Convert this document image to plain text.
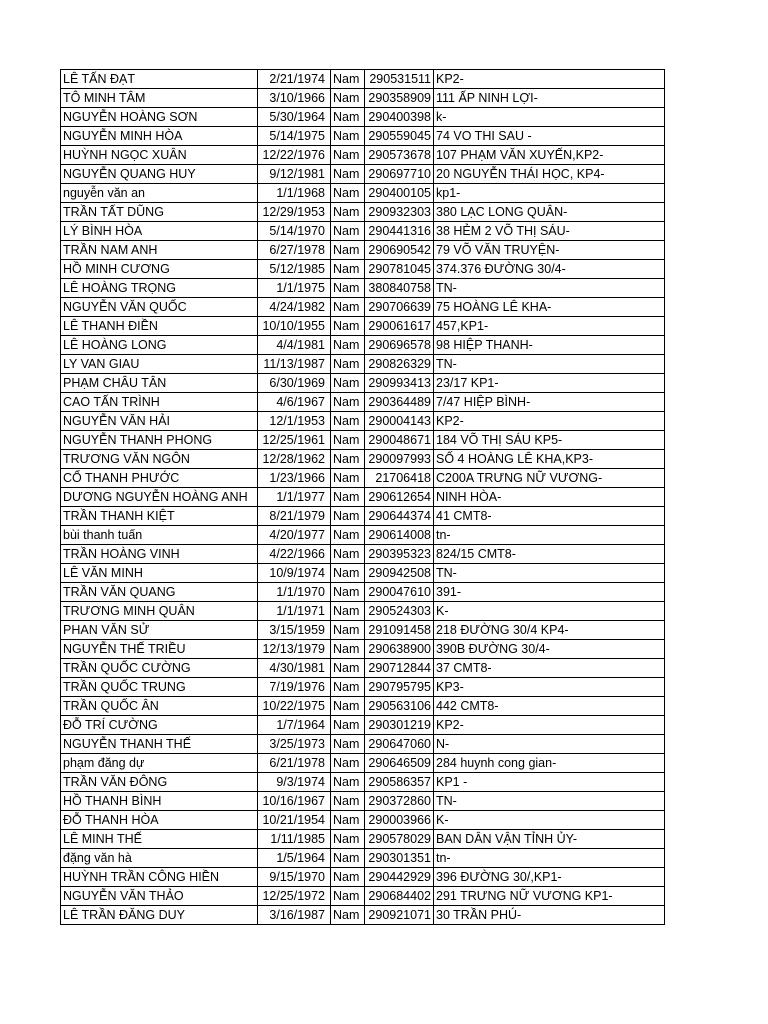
LÊ TẤN ĐẠT	2/21/1974	Nam	290531511	KP2-
TÔ MINH TÂM	3/10/1966	Nam	290358909	111 ẤP NINH LỢI-
NGUYỄN HOÀNG SƠN	5/30/1964	Nam	290400398	k-
NGUYỄN MINH HÒA	5/14/1975	Nam	290559045	74 VO THI SAU -
HUỲNH NGỌC XUÂN	12/22/1976	Nam	290573678	107 PHẠM VĂN XUYẾN,KP2-
NGUYỄN QUANG HUY	9/12/1981	Nam	290697710	20 NGUYỄN THÁI HỌC, KP4-
nguyễn văn an	1/1/1968	Nam	290400105	kp1-
TRẦN TẤT DŨNG	12/29/1953	Nam	290932303	380 LẠC LONG QUÂN-
LÝ BÌNH HÒA	5/14/1970	Nam	290441316	38 HẺM 2 VÕ THỊ SÁU-
TRẦN NAM ANH	6/27/1978	Nam	290690542	79 VÕ VĂN TRUYỆN-
HỒ MINH CƯƠNG	5/12/1985	Nam	290781045	374.376 ĐƯỜNG 30/4-
LÊ HOÀNG TRỌNG	1/1/1975	Nam	380840758	TN-
NGUYỄN VĂN QUỐC	4/24/1982	Nam	290706639	75 HOÀNG LÊ KHA-
LÊ THANH ĐIỀN	10/10/1955	Nam	290061617	457,KP1-
LÊ HOÀNG LONG	4/4/1981	Nam	290696578	98 HIỆP THANH-
LY VAN GIAU	11/13/1987	Nam	290826329	TN-
PHẠM CHÂU TÂN	6/30/1969	Nam	290993413	23/17 KP1-
CAO TẤN TRÌNH	4/6/1967	Nam	290364489	7/47 HIỆP BÌNH-
NGUYỄN VĂN HẢI	12/1/1953	Nam	290004143	KP2-
NGUYỄN THANH PHONG	12/25/1961	Nam	290048671	184 VÕ THỊ SÁU KP5-
TRƯƠNG VĂN NGÔN	12/28/1962	Nam	290097993	SỐ 4 HOÀNG LÊ KHA,KP3-
CỔ THANH PHƯỚC	1/23/1966	Nam	21706418	C200A TRƯNG NỮ VƯƠNG-
DƯƠNG NGUYỄN HOÀNG ANH	1/1/1977	Nam	290612654	NINH HÒA-
TRẦN THANH KIỆT	8/21/1979	Nam	290644374	41 CMT8-
bùi thanh tuấn	4/20/1977	Nam	290614008	tn-
TRẦN HOÀNG VINH	4/22/1966	Nam	290395323	824/15 CMT8-
LÊ VĂN MINH	10/9/1974	Nam	290942508	TN-
TRẦN VĂN QUANG	1/1/1970	Nam	290047610	391-
TRƯƠNG MINH QUÂN	1/1/1971	Nam	290524303	K-
PHAN VĂN SỬ	3/15/1959	Nam	291091458	218 ĐƯỜNG 30/4 KP4-
NGUYỄN THẾ TRIỀU	12/13/1979	Nam	290638900	390B ĐƯỜNG 30/4-
TRẦN QUỐC CƯỜNG	4/30/1981	Nam	290712844	37 CMT8-
TRẦN QUỐC TRUNG	7/19/1976	Nam	290795795	KP3-
TRẦN QUỐC ÂN	10/22/1975	Nam	290563106	442 CMT8-
ĐỖ TRÍ CƯỜNG	1/7/1964	Nam	290301219	KP2-
NGUYỄN THANH THẾ	3/25/1973	Nam	290647060	N-
phạm đăng dự	6/21/1978	Nam	290646509	284 huynh cong gian-
TRẦN VĂN ĐÔNG	9/3/1974	Nam	290586357	KP1 -
HỒ THANH BÌNH	10/16/1967	Nam	290372860	TN-
ĐỖ THANH HÒA	10/21/1954	Nam	290003966	K-
LÊ MINH THẾ	1/11/1985	Nam	290578029	BAN DÂN VẬN TỈNH ỦY-
đặng văn hà	1/5/1964	Nam	290301351	tn-
HUỲNH TRẦN CÔNG HIỀN	9/15/1970	Nam	290442929	396 ĐƯỜNG 30/,KP1-
NGUYỄN VĂN THẢO	12/25/1972	Nam	290684402	291 TRƯNG NỮ VƯƠNG KP1-
LÊ TRẦN ĐĂNG DUY	3/16/1987	Nam	290921071	30 TRẦN PHÚ-
